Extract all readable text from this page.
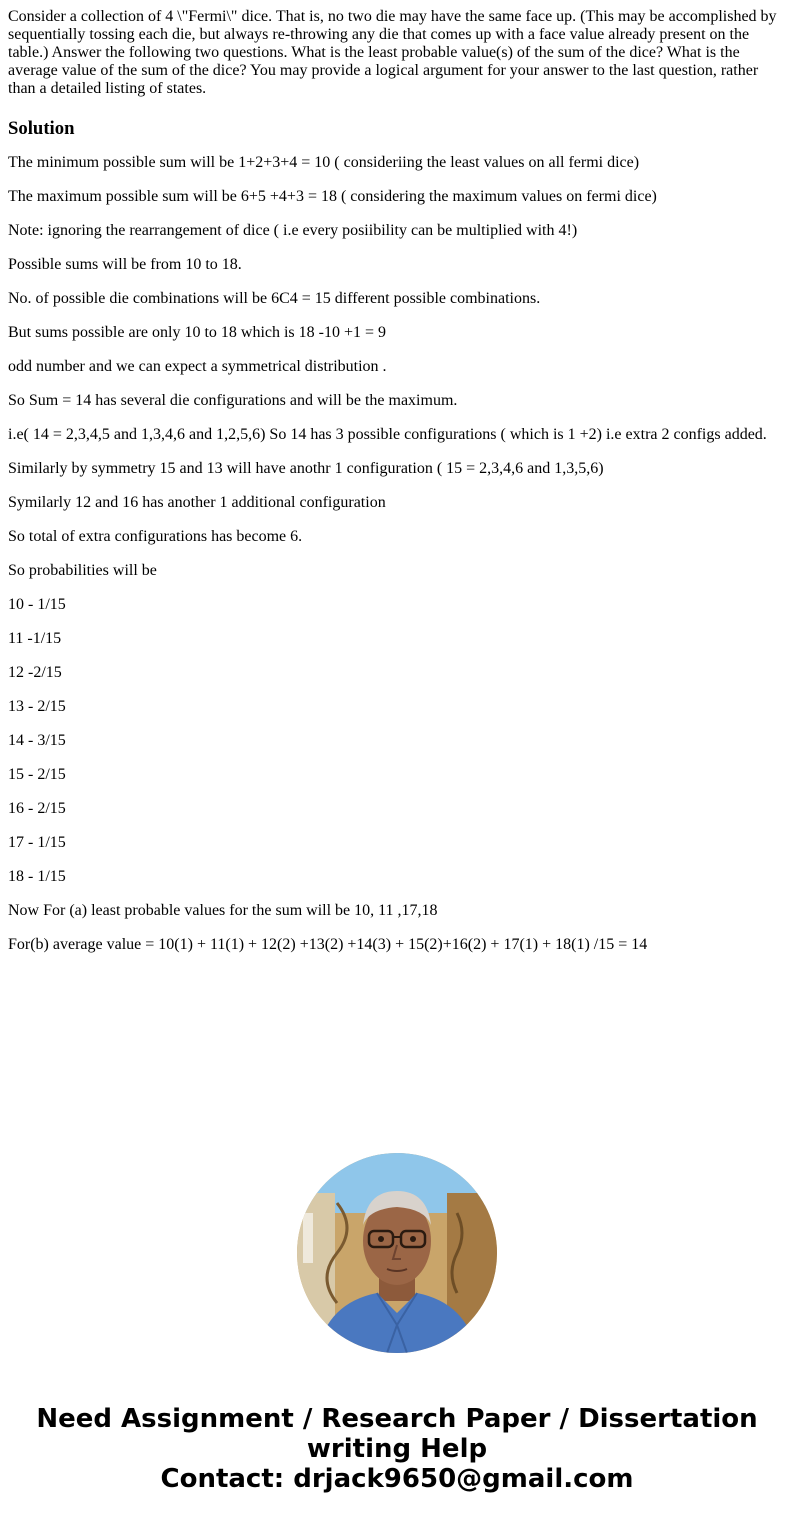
Consider a collection of 4 \"Fermi\" dice. That is, no two die may have the same face up. (This may be accomplished by sequentially tossing each die, but always re-throwing any die that comes up with a face value already present on the table.) Answer the following two questions. What is the least probable value(s) of the sum of the dice? What is the average value of the sum of the dice? You may provide a logical argument for your answer to the last question, rather than a detailed listing of states.

Solution

The minimum possible sum will be 1+2+3+4 = 10 ( consideriing the least values on all fermi dice)

The maximum possible sum will be 6+5 +4+3 = 18 ( considering the maximum values on fermi dice)

Note: ignoring the rearrangement of dice ( i.e every posiibility can be multiplied with 4!)

Possible sums will be from 10 to 18.

No. of possible die combinations will be 6C4 = 15 different possible combinations.

But sums possible are only 10 to 18 which is 18 -10 +1 = 9

odd number and we can expect a symmetrical distribution .

So Sum = 14 has several die configurations and will be the maximum.

i.e( 14 = 2,3,4,5 and 1,3,4,6 and 1,2,5,6) So 14 has 3 possible configurations ( which is 1 +2) i.e extra 2 configs added.

Similarly by symmetry 15 and 13 will have anothr 1 configuration ( 15 = 2,3,4,6 and 1,3,5,6)

Symilarly 12 and 16 has another 1 additional configuration

So total of extra configurations has become 6.

So probabilities will be

10 - 1/15

11 -1/15

12 -2/15

13 - 2/15

14 - 3/15

15 - 2/15

16 - 2/15

17 - 1/15

18 - 1/15

Now For (a) least probable values for the sum will be 10, 11 ,17,18

For(b) average value = 10(1) + 11(1) + 12(2) +13(2) +14(3) + 15(2)+16(2) + 17(1) + 18(1) /15 = 14

Need Assignment / Research Paper / Dissertation
writing Help
Contact: drjack9650@gmail.com
